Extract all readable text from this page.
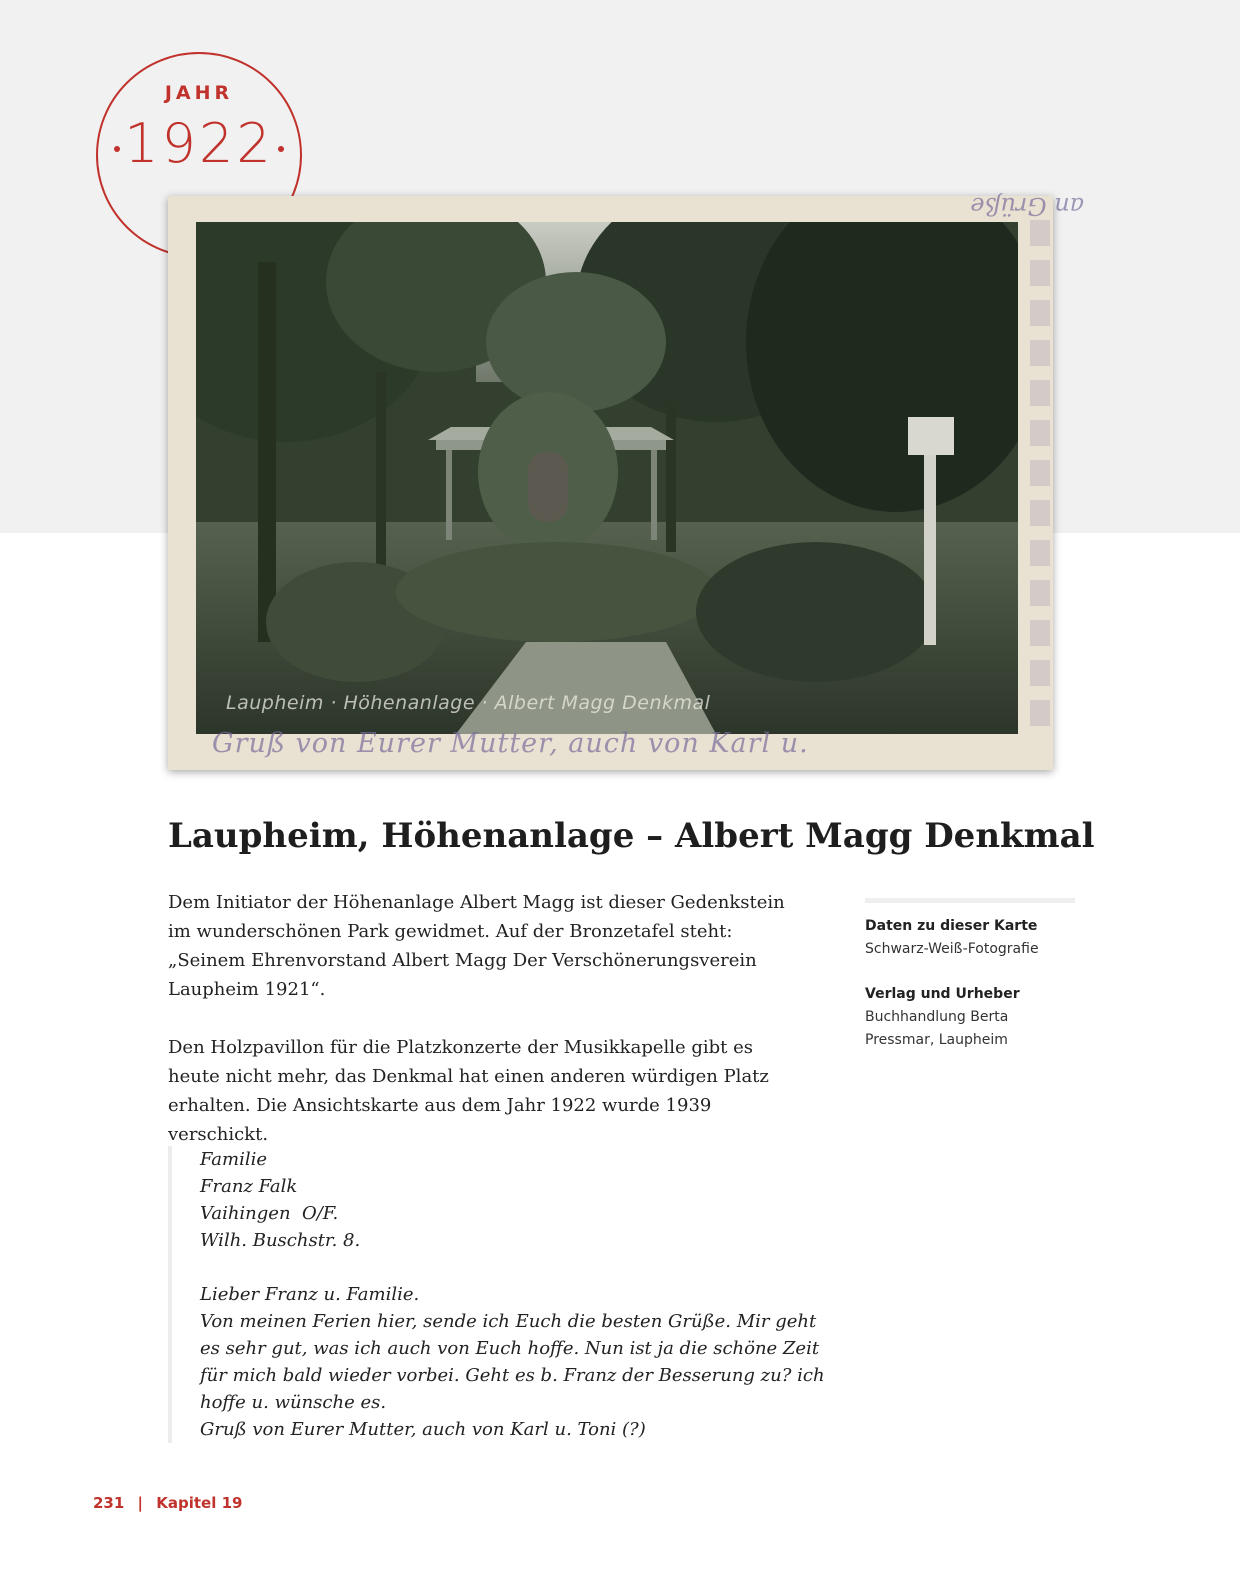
JAHR
1922
an Grüße
Laupheim · Höhenanlage · Albert Magg Denkmal
Gruß von Eurer Mutter, auch von Karl u.
Laupheim, Höhenanlage – Albert Magg Denkmal

Dem Initiator der Höhenanlage Albert Magg ist dieser Gedenkstein im wunderschönen Park gewidmet. Auf der Bronzetafel steht: „Seinem Ehrenvorstand Albert Magg Der Verschönerungsverein Laupheim 1921“.

Den Holzpavillon für die Platzkonzerte der Musikkapelle gibt es heute nicht mehr, das Denkmal hat einen anderen würdigen Platz erhalten. Die Ansichtskarte aus dem Jahr 1922 wurde 1939 verschickt.

Daten zu dieser Karte
Schwarz-Weiß-Fotografie
Verlag und Urheber
Buchhandlung Berta Pressmar, Laupheim
Familie
Franz Falk
Vaihingen  O/F.
Wilh. Buschstr. 8.
Lieber Franz u. Familie.
Von meinen Ferien hier, sende ich Euch die besten Grüße. Mir geht es sehr gut, was ich auch von Euch hoffe. Nun ist ja die schöne Zeit für mich bald wieder vorbei. Geht es b. Franz der Besserung zu? ich hoffe u. wünsche es.
Gruß von Eurer Mutter, auch von Karl u. Toni (?)
231 | Kapitel 19
